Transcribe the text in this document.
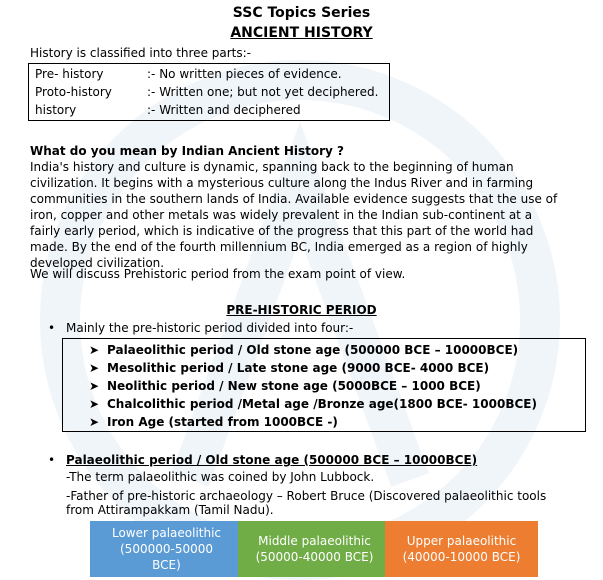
SSC Topics Series
ANCIENT HISTORY
History is classified into three parts:-
Pre- history	:- No written pieces of evidence.
Proto-history	:- Written one; but not yet deciphered.
history	:- Written and deciphered
What do you mean by Indian Ancient History ?
India's history and culture is dynamic, spanning back to the beginning of human
civilization. It begins with a mysterious culture along the Indus River and in farming
communities in the southern lands of India. Available evidence suggests that the use of
iron, copper and other metals was widely prevalent in the Indian sub-continent at a
fairly early period, which is indicative of the progress that this part of the world had
made. By the end of the fourth millennium BC, India emerged as a region of highly
developed civilization.
We will discuss Prehistoric period from the exam point of view.
PRE-HISTORIC PERIOD
• Mainly the pre-historic period divided into four:-
➤ Palaeolithic period / Old stone age (500000 BCE – 10000BCE)
➤ Mesolithic period / Late stone age (9000 BCE- 4000 BCE)
➤ Neolithic period / New stone age (5000BCE – 1000 BCE)
➤ Chalcolithic period /Metal age /Bronze age(1800 BCE- 1000BCE)
➤ Iron Age (started from 1000BCE -)
• Palaeolithic period / Old stone age (500000 BCE – 10000BCE)
-The term palaeolithic was coined by John Lubbock.
-Father of pre-historic archaeology – Robert Bruce (Discovered palaeolithic tools
from Attirampakkam (Tamil Nadu).
Lower palaeolithic
(500000-50000
BCE)
Middle palaeolithic
(50000-40000 BCE)
Upper palaeolithic
(40000-10000 BCE)
